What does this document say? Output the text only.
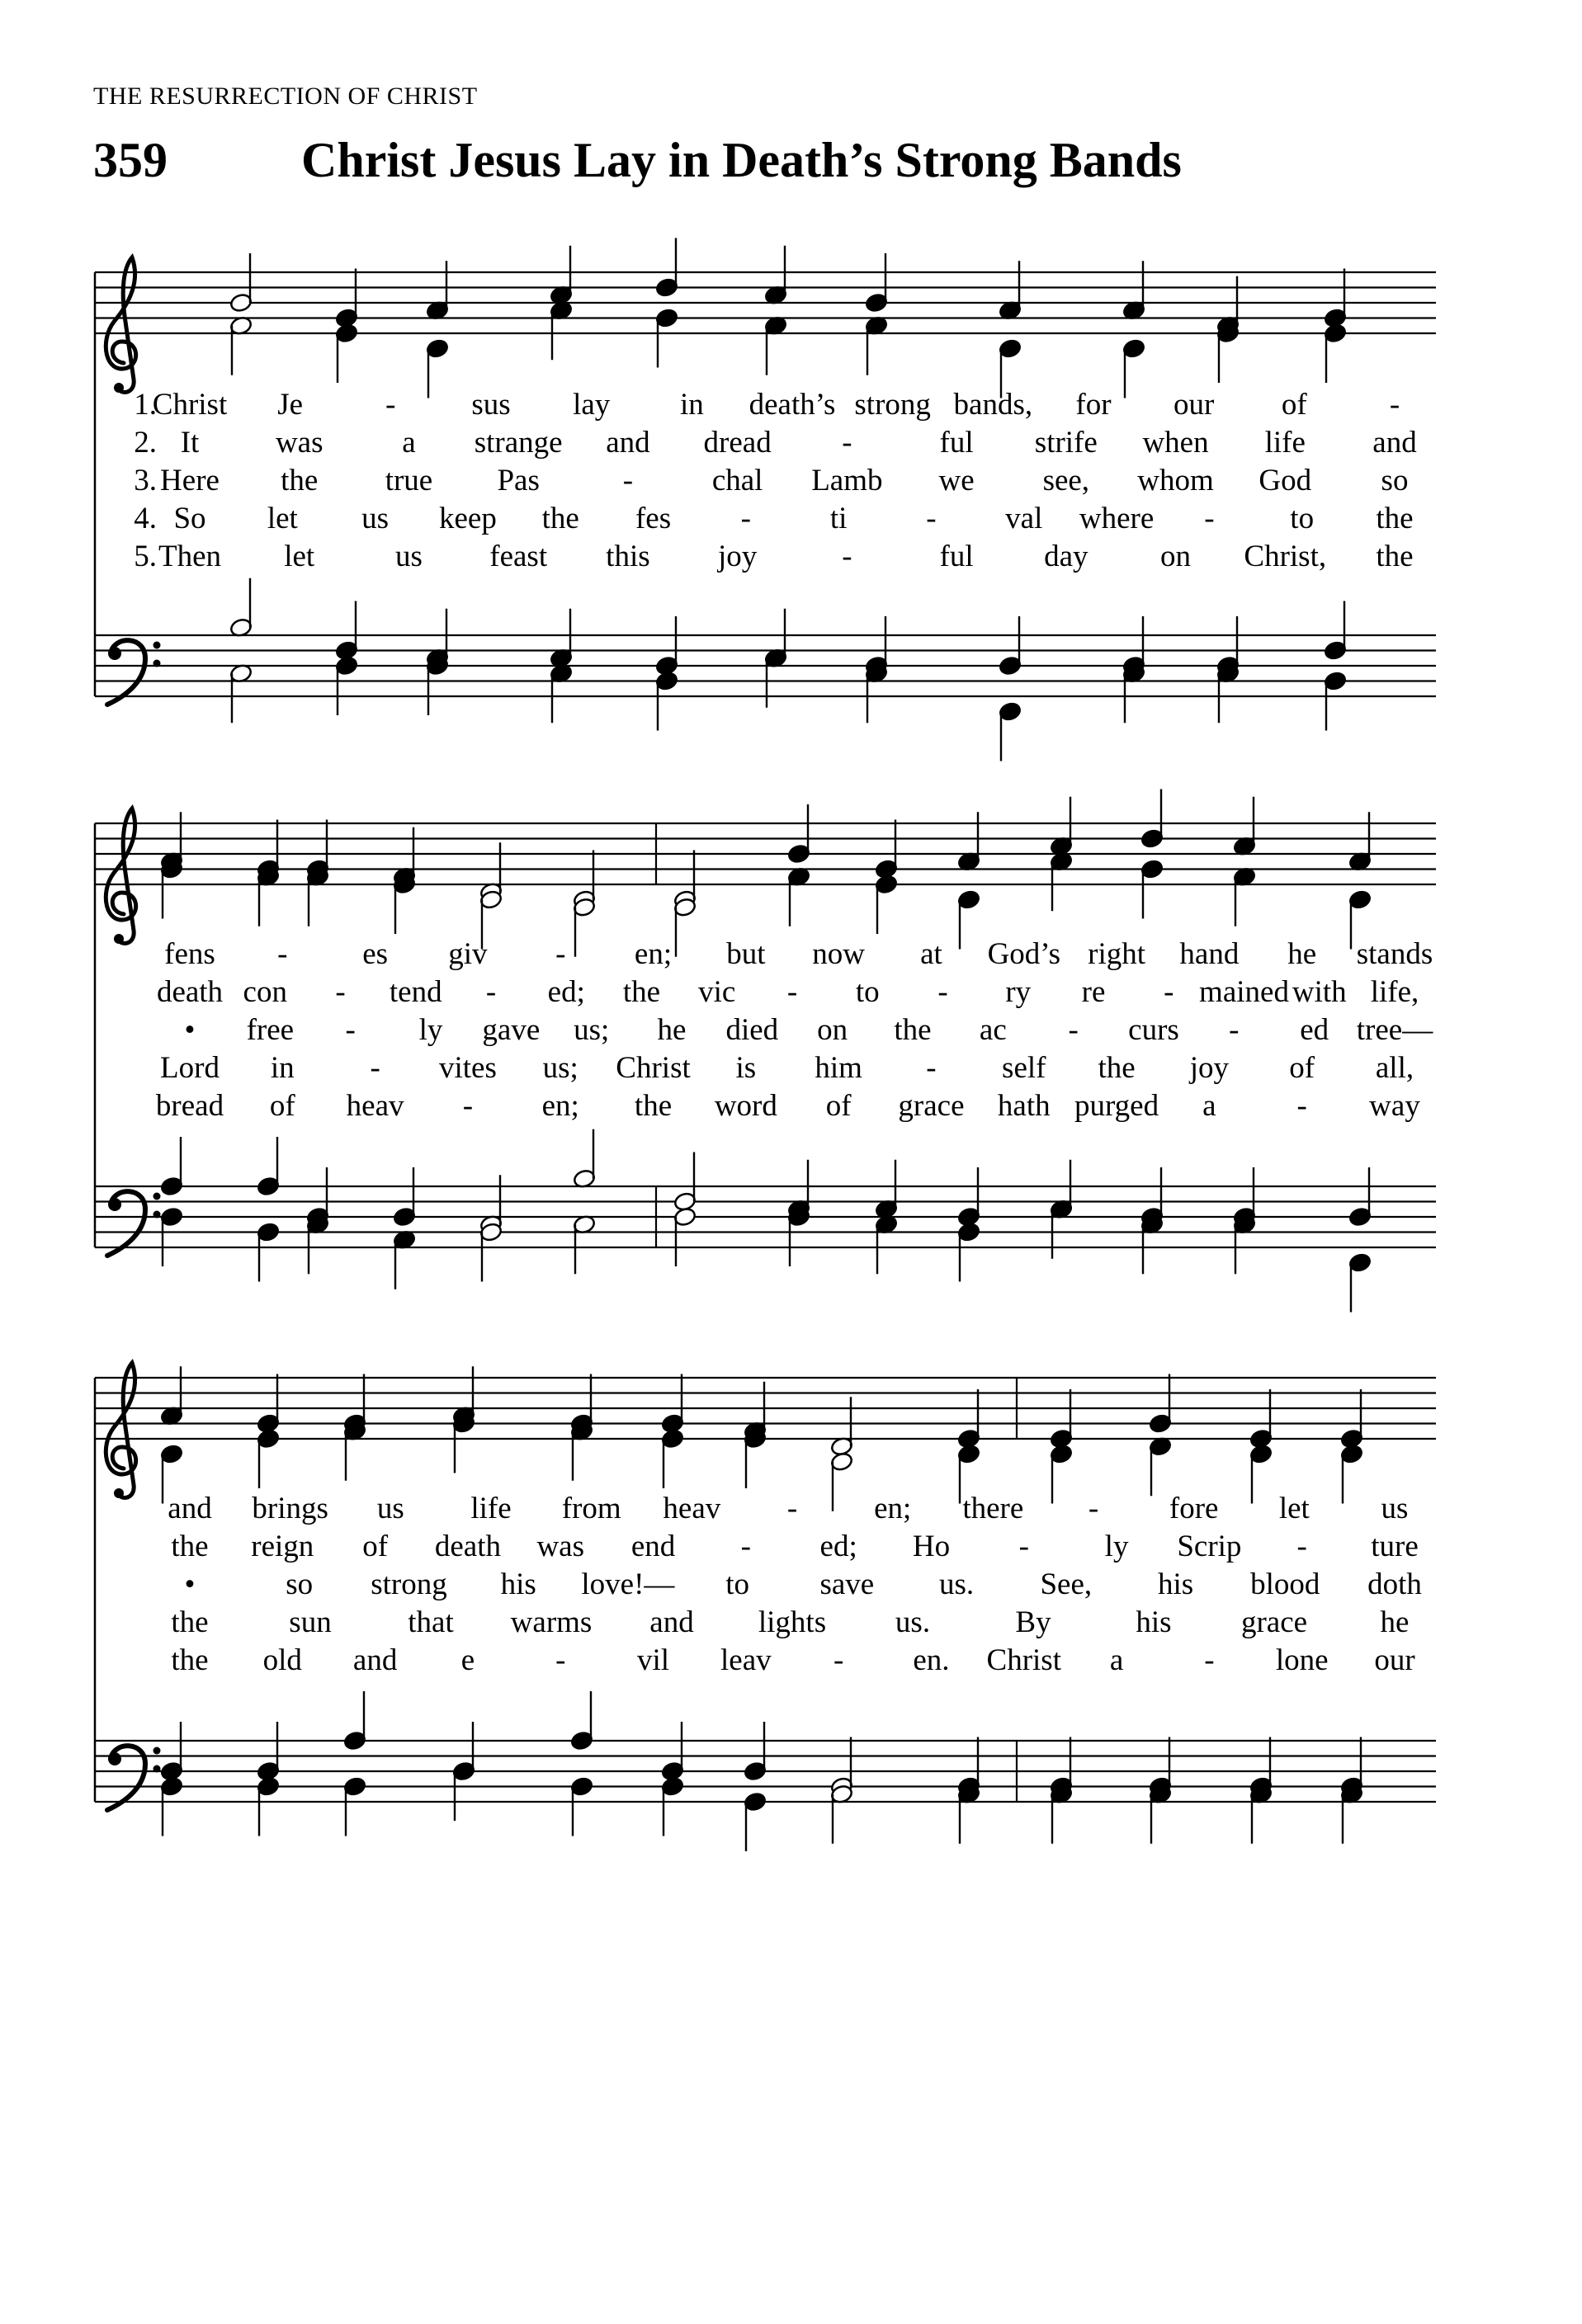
THE RESURRECTION OF CHRIST
359	Christ Jesus Lay in Death’s Strong Bands
1.
Christ Je	- sus lay in death’s strong bands, for our of	-
2. It	was	a strange and dread -	ful strife when life and
3. Here the true Pas	-	chal Lamb we see, whom God so
4. So let us keep the fes -	ti	- val where - to the
5. Then let	us feast this joy	-	ful day on Christ, the
fens - es giv - en; but now at God’s right hand he stands
death con - tend - ed; the vic - to - ry re - mained with life,
• free - ly gave us; he died on the ac - curs - ed tree—
Lord in - vites us; Christ is him - self the joy of all,
bread of heav - en; the word of grace hath purged a	- way
and brings us life from heav -	en; there - fore let us
the reign of death was end - ed; Ho - ly Scrip - ture
•	so strong his love!— to save us. See, his blood doth
the	sun	that warms and lights us.	By	his grace he
the old and e	- vil leav - en. Christ a	- lone our
